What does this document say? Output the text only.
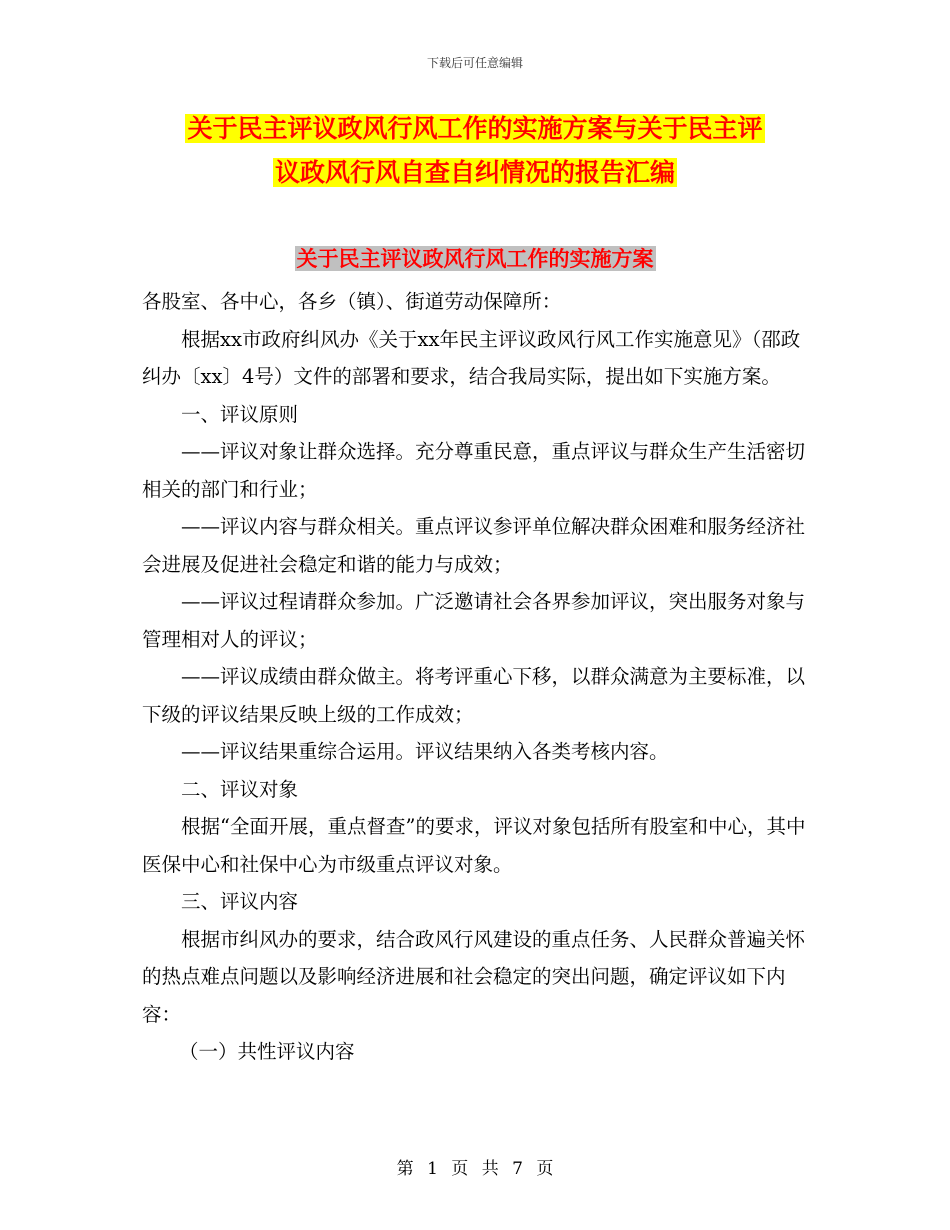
下载后可任意编辑
关于民主评议政风行风工作的实施方案与关于民主评
议政风行风自查自纠情况的报告汇编
关于民主评议政风行风工作的实施方案

各股室、各中心，各乡（镇）、街道劳动保障所：

根据xx市政府纠风办《关于xx年民主评议政风行风工作实施意见》（邵政纠办〔xx〕4号）文件的部署和要求，结合我局实际，提出如下实施方案。

一、评议原则

——评议对象让群众选择。充分尊重民意，重点评议与群众生产生活密切相关的部门和行业；

——评议内容与群众相关。重点评议参评单位解决群众困难和服务经济社会进展及促进社会稳定和谐的能力与成效；

——评议过程请群众参加。广泛邀请社会各界参加评议，突出服务对象与管理相对人的评议；

——评议成绩由群众做主。将考评重心下移，以群众满意为主要标准，以下级的评议结果反映上级的工作成效；

——评议结果重综合运用。评议结果纳入各类考核内容。

二、评议对象

根据“全面开展，重点督查”的要求，评议对象包括所有股室和中心，其中医保中心和社保中心为市级重点评议对象。

三、评议内容

根据市纠风办的要求，结合政风行风建设的重点任务、人民群众普遍关怀的热点难点问题以及影响经济进展和社会稳定的突出问题，确定评议如下内容：

（一）共性评议内容

第 1 页 共 7 页
